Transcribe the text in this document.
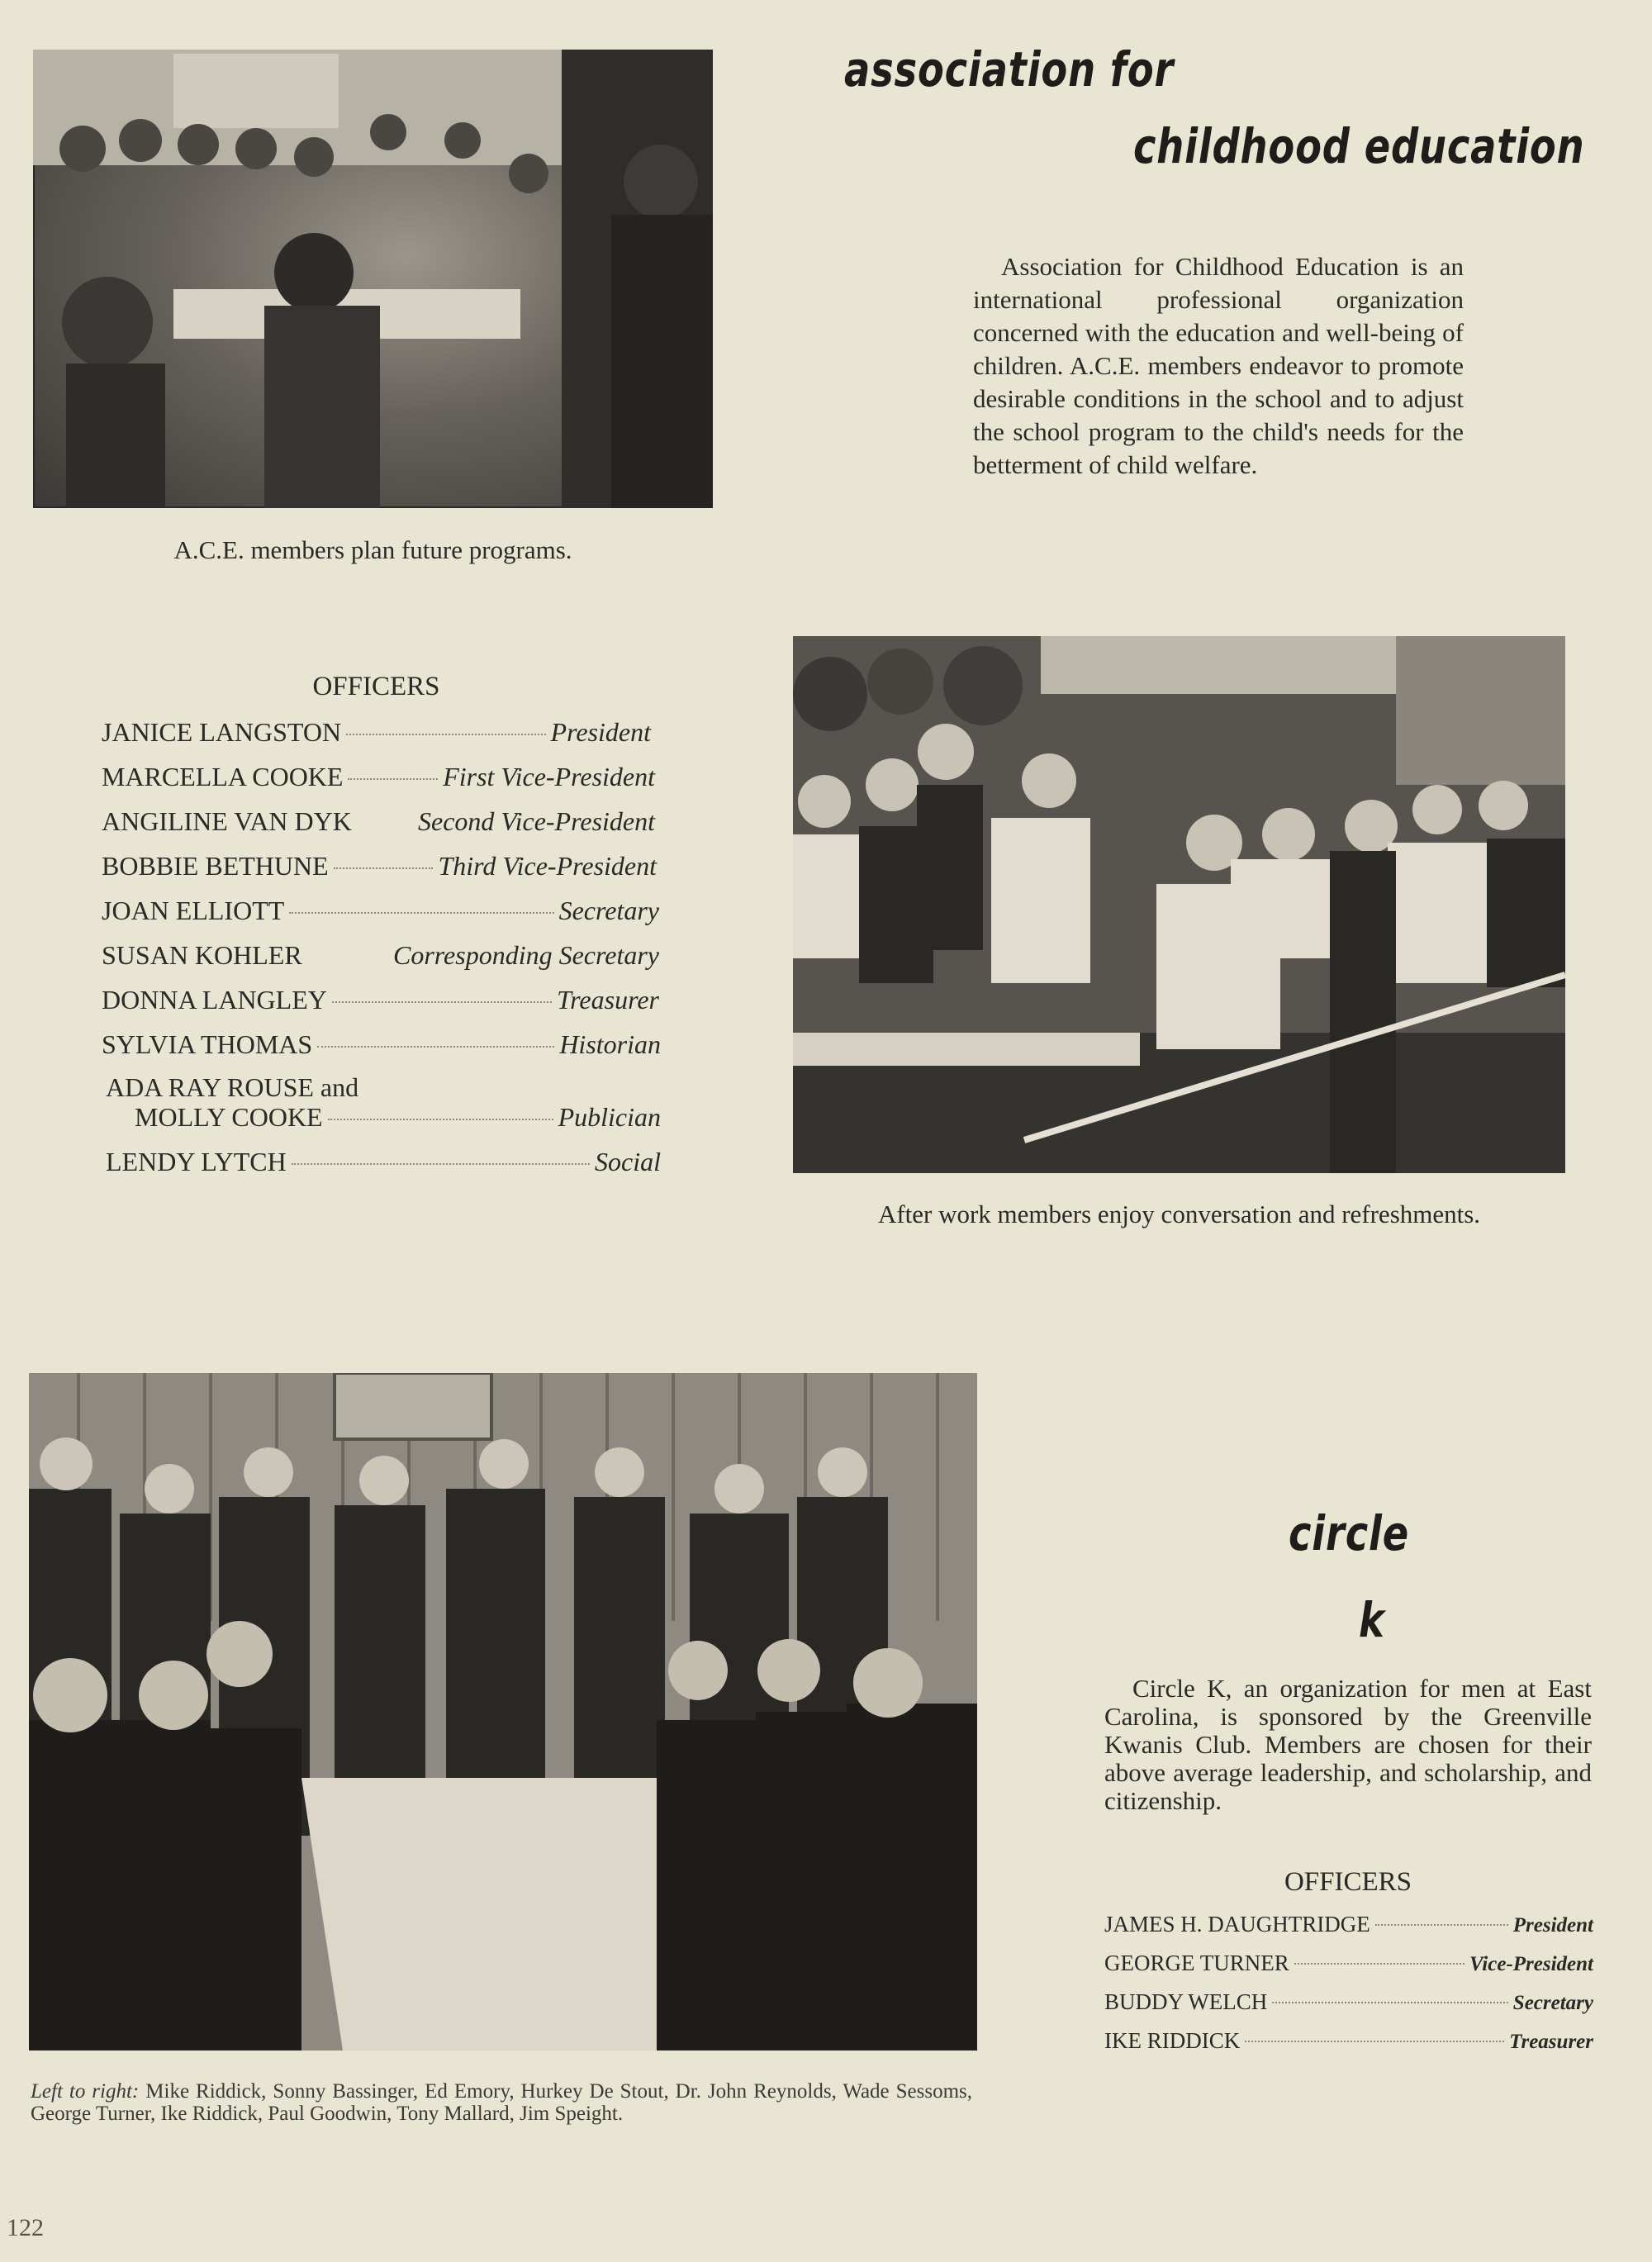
A.C.E. members plan future programs.
association for
childhood education
Association for Childhood Education is an international professional organization concerned with the education and well-being of children. A.C.E. members endeavor to promote desirable conditions in the school and to adjust the school program to the child's needs for the betterment of child welfare.
OFFICERS
JANICE LANGSTON	President
MARCELLA COOKE	First Vice-President
ANGILINE VAN DYK	Second Vice-President
BOBBIE BETHUNE	Third Vice-President
JOAN ELLIOTT	Secretary
SUSAN KOHLER	Corresponding Secretary
DONNA LANGLEY	Treasurer
SYLVIA THOMAS	Historian
ADA RAY ROUSE and
MOLLY COOKE	Publician
LENDY LYTCH	Social
After work members enjoy conversation and refreshments.
Left to right: Mike Riddick, Sonny Bassinger, Ed Emory, Hurkey De Stout, Dr. John Reynolds, Wade Sessoms, George Turner, Ike Riddick, Paul Goodwin, Tony Mallard, Jim Speight.
circle
k
Circle K, an organization for men at East Carolina, is sponsored by the Greenville Kwanis Club. Members are chosen for their above average leadership, and scholarship, and citizenship.
OFFICERS
JAMES H. DAUGHTRIDGE	President
GEORGE TURNER	Vice-President
BUDDY WELCH	Secretary
IKE RIDDICK	Treasurer
122
